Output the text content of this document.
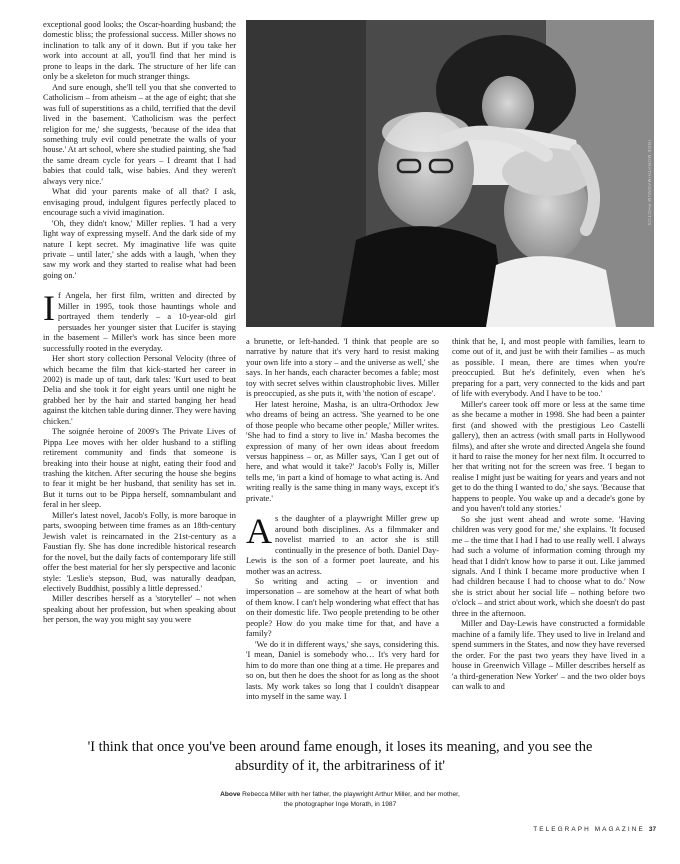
INGE MORATH/MAGNUM PHOTOS

exceptional good looks; the Oscar-hoarding husband; the domestic bliss; the professional success. Miller shows no inclination to talk any of it down. But if you take her work into account at all, you'll find that her mind is prone to leaps in the dark. The structure of her life can only be a skeleton for much stranger things.

And sure enough, she'll tell you that she converted to Catholicism – from atheism – at the age of eight; that she was full of superstitions as a child, terrified that the devil lived in the basement. 'Catholicism was the perfect religion for me,' she suggests, 'because of the idea that something truly evil could penetrate the walls of your house.' At art school, where she studied painting, she 'had the same dream cycle for years – I dreamt that I had babies that could talk, wise babies. And they weren't always very nice.'

What did your parents make of all that? I ask, envisaging proud, indulgent figures perfectly placed to encourage such a vivid imagination.

'Oh, they didn't know,' Miller replies. 'I had a very light way of expressing myself. And the dark side of my nature I kept secret. My imaginative life was quite private – until later,' she adds with a laugh, 'when they saw my work and they started to realise what had been going on.'

If Angela, her first film, written and directed by Miller in 1995, took those hauntings whole and portrayed them tenderly – a 10-year-old girl persuades her younger sister that Lucifer is staying in the basement – Miller's work has since been more successfully rooted in the everyday.

Her short story collection Personal Velocity (three of which became the film that kick-started her career in 2002) is made up of taut, dark tales: 'Kurt used to beat Delia and she took it for eight years until one night he grabbed her by the hair and started banging her head against the kitchen table during dinner. They were having chicken.'

The soignée heroine of 2009's The Private Lives of Pippa Lee moves with her older husband to a stifling retirement community and finds that someone is breaking into their house at night, eating their food and trashing the kitchen. After securing the house she begins to fear it might be her husband, that senility has set in. But it turns out to be Pippa herself, somnambulant and feral in her sleep.

Miller's latest novel, Jacob's Folly, is more baroque in parts, swooping between time frames as an 18th-century Jewish valet is reincarnated in the 21st-century as a Faustian fly. She has done incredible historical research for the novel, but the daily facts of contemporary life still offer the best material for her sly perspective and laconic style: 'Leslie's stepson, Bud, was naturally deadpan, electively Buddhist, possibly a little depressed.'

Miller describes herself as a 'storyteller' – not when speaking about her profession, but when speaking about her person, the way you might say you were

a brunette, or left-handed. 'I think that people are so narrative by nature that it's very hard to resist making your own life into a story – and the universe as well,' she says. In her hands, each character becomes a fable; most toy with secret selves within claustrophobic lives. Miller is preoccupied, as she puts it, with 'the notion of escape'.

Her latest heroine, Masha, is an ultra-Orthodox Jew who dreams of being an actress. 'She yearned to be one of those people who became other people,' Miller writes. 'She had to find a story to live in.' Masha becomes the expression of many of her own ideas about freedom versus happiness – or, as Miller says, 'Can I get out of here, and what would it take?' Jacob's Folly is, Miller tells me, 'in part a kind of homage to what acting is. And writing really is the same thing in many ways, except it's private.'

As the daughter of a playwright Miller grew up around both disciplines. As a filmmaker and novelist married to an actor she is still continually in the presence of both. Daniel Day-Lewis is the son of a former poet laureate, and his mother was an actress.

So writing and acting – or invention and impersonation – are somehow at the heart of what both of them know. I can't help wondering what effect that has on their domestic life. Two people pretending to be other people? How do you make time for that, and have a family?

'We do it in different ways,' she says, considering this. 'I mean, Daniel is somebody who… It's very hard for him to do more than one thing at a time. He prepares and so on, but then he does the shoot for as long as the shoot lasts. My work takes so long that I couldn't disappear into myself in the same way. I

think that he, I, and most people with families, learn to come out of it, and just be with their families – as much as possible. I mean, there are times when you're preoccupied. But he's definitely, even when he's preparing for a part, very connected to the kids and part of life with everybody. And I have to be too.'

Miller's career took off more or less at the same time as she became a mother in 1998. She had been a painter first (and showed with the prestigious Leo Castelli gallery), then an actress (with small parts in Hollywood films), and after she wrote and directed Angela she found it hard to raise the money for her next film. It occurred to her that writing not for the screen was free. 'I began to realise I might just be waiting for years and years and not get to do the thing I wanted to do,' she says. 'Because that happens to people. You wake up and a decade's gone by and you haven't told any stories.'

So she just went ahead and wrote some. 'Having children was very good for me,' she explains. 'It focused me – the time that I had I had to use really well. I always had such a volume of information coming through my head that I didn't know how to parse it out. Like jammed signals. And I think I became more productive when I had children because I had to choose what to do.' Now she is strict about her social life – nothing before two o'clock – and strict about work, which she doesn't do past three in the afternoon.

Miller and Day-Lewis have constructed a formidable machine of a family life. They used to live in Ireland and spend summers in the States, and now they have reversed the order. For the past two years they have lived in a house in Greenwich Village – Miller describes herself as 'a third-generation New Yorker' – and the two older boys can walk to and

'I think that once you've been around fame enough, it loses its meaning, and you see the absurdity of it, the arbitrariness of it'
Above Rebecca Miller with her father, the playwright Arthur Miller, and her mother,
the photographer Inge Morath, in 1987
TELEGRAPH MAGAZINE 37
